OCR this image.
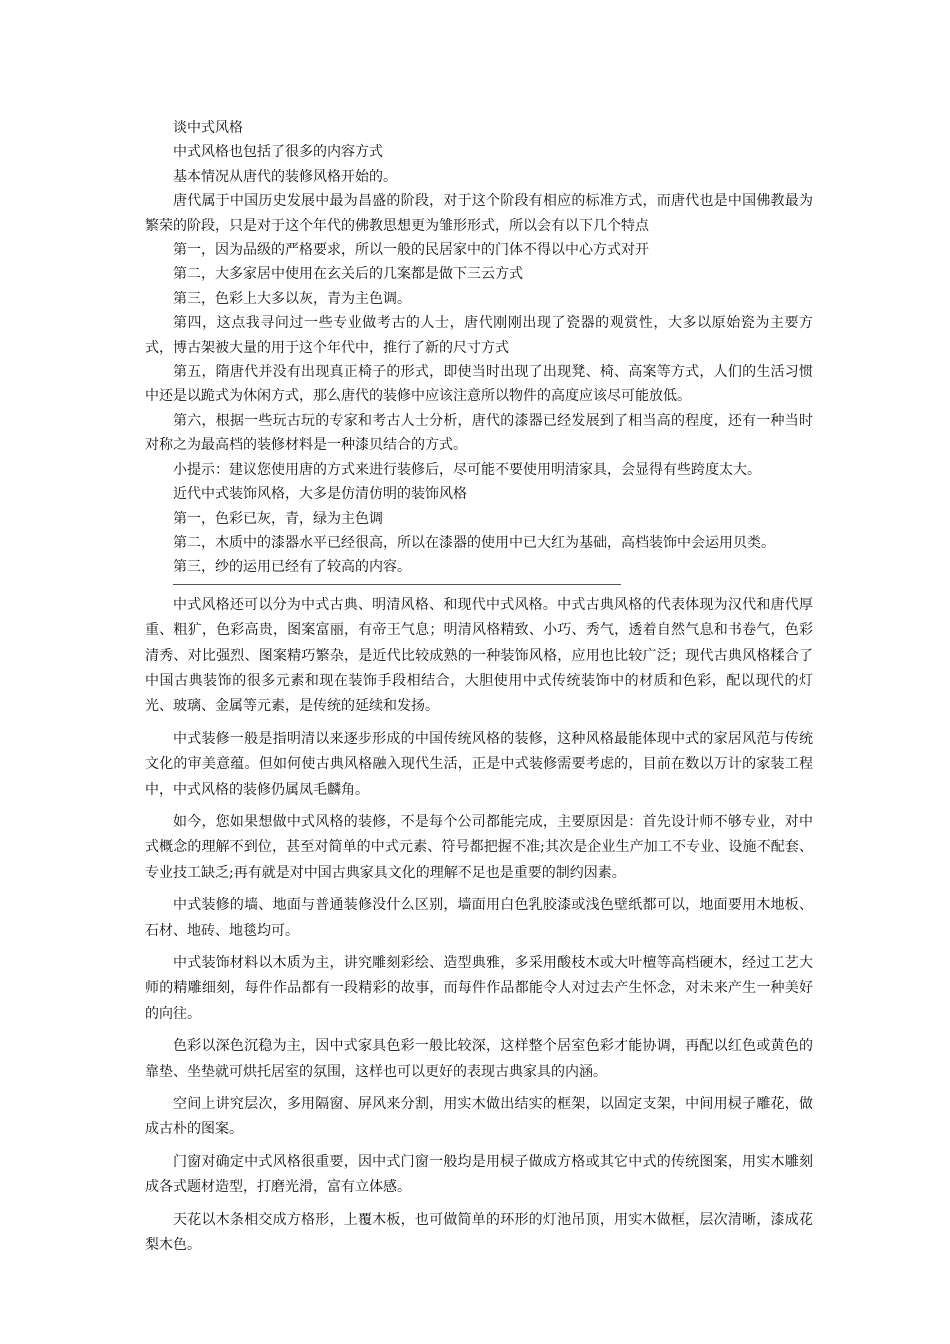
谈中式风格

中式风格也包括了很多的内容方式

基本情况从唐代的装修风格开始的。

唐代属于中国历史发展中最为昌盛的阶段，对于这个阶段有相应的标准方式，而唐代也是中国佛教最为繁荣的阶段，只是对于这个年代的佛教思想更为雏形形式，所以会有以下几个特点

第一，因为品级的严格要求，所以一般的民居家中的门体不得以中心方式对开

第二，大多家居中使用在玄关后的几案都是做下三云方式

第三，色彩上大多以灰，青为主色调。

第四，这点我寻问过一些专业做考古的人士，唐代刚刚出现了瓷器的观赏性，大多以原始瓷为主要方式，博古架被大量的用于这个年代中，推行了新的尺寸方式

第五，隋唐代并没有出现真正椅子的形式，即使当时出现了出现凳、椅、高案等方式，人们的生活习惯中还是以跪式为休闲方式，那么唐代的装修中应该注意所以物件的高度应该尽可能放低。

第六，根据一些玩古玩的专家和考古人士分析，唐代的漆器已经发展到了相当高的程度，还有一种当时对称之为最高档的装修材料是一种漆贝结合的方式。

小提示：建议您使用唐的方式来进行装修后，尽可能不要使用明清家具，会显得有些跨度太大。

近代中式装饰风格，大多是仿清仿明的装饰风格

第一，色彩已灰，青，绿为主色调

第二，木质中的漆器水平已经很高，所以在漆器的使用中已大红为基础，高档装饰中会运用贝类。

第三，纱的运用已经有了较高的内容。

中式风格还可以分为中式古典、明清风格、和现代中式风格。中式古典风格的代表体现为汉代和唐代厚重、粗犷，色彩高贵，图案富丽，有帝王气息；明清风格精致、小巧、秀气，透着自然气息和书卷气，色彩清秀、对比强烈、图案精巧繁杂，是近代比较成熟的一种装饰风格，应用也比较广泛；现代古典风格糅合了中国古典装饰的很多元素和现在装饰手段相结合，大胆使用中式传统装饰中的材质和色彩，配以现代的灯光、玻璃、金属等元素，是传统的延续和发扬。

中式装修一般是指明清以来逐步形成的中国传统风格的装修，这种风格最能体现中式的家居风范与传统文化的审美意蕴。但如何使古典风格融入现代生活，正是中式装修需要考虑的，目前在数以万计的家装工程中，中式风格的装修仍属凤毛麟角。

如今，您如果想做中式风格的装修，不是每个公司都能完成，主要原因是：首先设计师不够专业，对中式概念的理解不到位，甚至对简单的中式元素、符号都把握不准;其次是企业生产加工不专业、设施不配套、专业技工缺乏;再有就是对中国古典家具文化的理解不足也是重要的制约因素。

中式装修的墙、地面与普通装修没什么区别，墙面用白色乳胶漆或浅色壁纸都可以，地面要用木地板、石材、地砖、地毯均可。

中式装饰材料以木质为主，讲究雕刻彩绘、造型典雅，多采用酸枝木或大叶檀等高档硬木，经过工艺大师的精雕细刻，每件作品都有一段精彩的故事，而每件作品都能令人对过去产生怀念，对未来产生一种美好的向往。

色彩以深色沉稳为主，因中式家具色彩一般比较深，这样整个居室色彩才能协调，再配以红色或黄色的靠垫、坐垫就可烘托居室的氛围，这样也可以更好的表现古典家具的内涵。

空间上讲究层次，多用隔窗、屏风来分割，用实木做出结实的框架，以固定支架，中间用棂子雕花，做成古朴的图案。

门窗对确定中式风格很重要，因中式门窗一般均是用棂子做成方格或其它中式的传统图案，用实木雕刻成各式题材造型，打磨光滑，富有立体感。

天花以木条相交成方格形，上覆木板，也可做简单的环形的灯池吊顶，用实木做框，层次清晰，漆成花梨木色。
